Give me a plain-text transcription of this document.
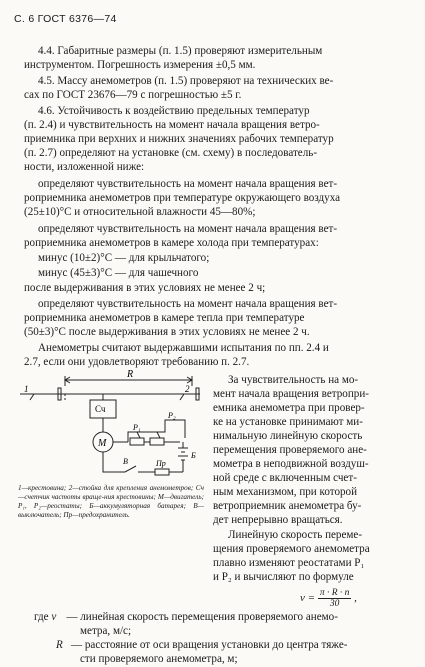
С. 6 ГОСТ 6376—74
4.4. Габаритные размеры (п. 1.5) проверяют измерительным
инструментом. Погрешность измерения ±0,5 мм.
4.5. Массу анемометров (п. 1.5) проверяют на технических ве-
сах по ГОСТ 23676—79 с погрешностью ±5 г.
4.6. Устойчивость к воздействию предельных температур
(п. 2.4) и чувствительность на момент начала вращения ветро-
приемника при верхних и нижних значениях рабочих температур
(п. 2.7) определяют на установке (см. схему) в последователь-
ности, изложенной ниже:
определяют чувствительность на момент начала вращения вет-
роприемника анемометров при температуре окружающего воздуха
(25±10)°С и относительной влажности 45—80%;
определяют чувствительность на момент начала вращения вет-
роприемника анемометров в камере холода при температурах:
минус (10±2)°С — для крыльчатого;
минус (45±3)°С — для чашечного
после выдерживания в этих условиях не менее 2 ч;
определяют чувствительность на момент начала вращения вет-
роприемника анемометров в камере тепла при температуре
(50±3)°С после выдерживания в этих условиях не менее 2 ч.
Анемометры считают выдержавшими испытания по пп. 2.4 и
2.7, если они удовлетворяют требованию п. 2.7.
За чувствительность на мо-
мент начала вращения ветропри-
емника анемометра при провер-
ке на установке принимают ми-
нимальную линейную скорость
перемещения проверяемого ане-
мометра в неподвижной воздуш-
ной среде с включенным счет-
ным механизмом, при которой
ветроприемник анемометра бу-
дет непрерывно вращаться.
Линейную скорость переме-
щения проверяемого анемометра
плавно изменяют реостатами P₁
и P₂ и вычисляют по формуле
$v = \frac{\pi \cdot R \cdot n}{30}$ ,
R
1	2
Сч
М
P₁
P₂
Б
В	Пр
1—крестовина; 2—стойка для крепления анемометров; Сч—счетчик частоты враще-ния крестовины; М—двигатель; P₁, P₂—реостаты; Б—аккумуляторная батарея; В—выключатель; Пр—предохранитель.
где v — линейная скорость перемещения проверяемого анемо-
метра, м/с;
R — расстояние от оси вращения установки до центра тяже-
сти проверяемого анемометра, м;
